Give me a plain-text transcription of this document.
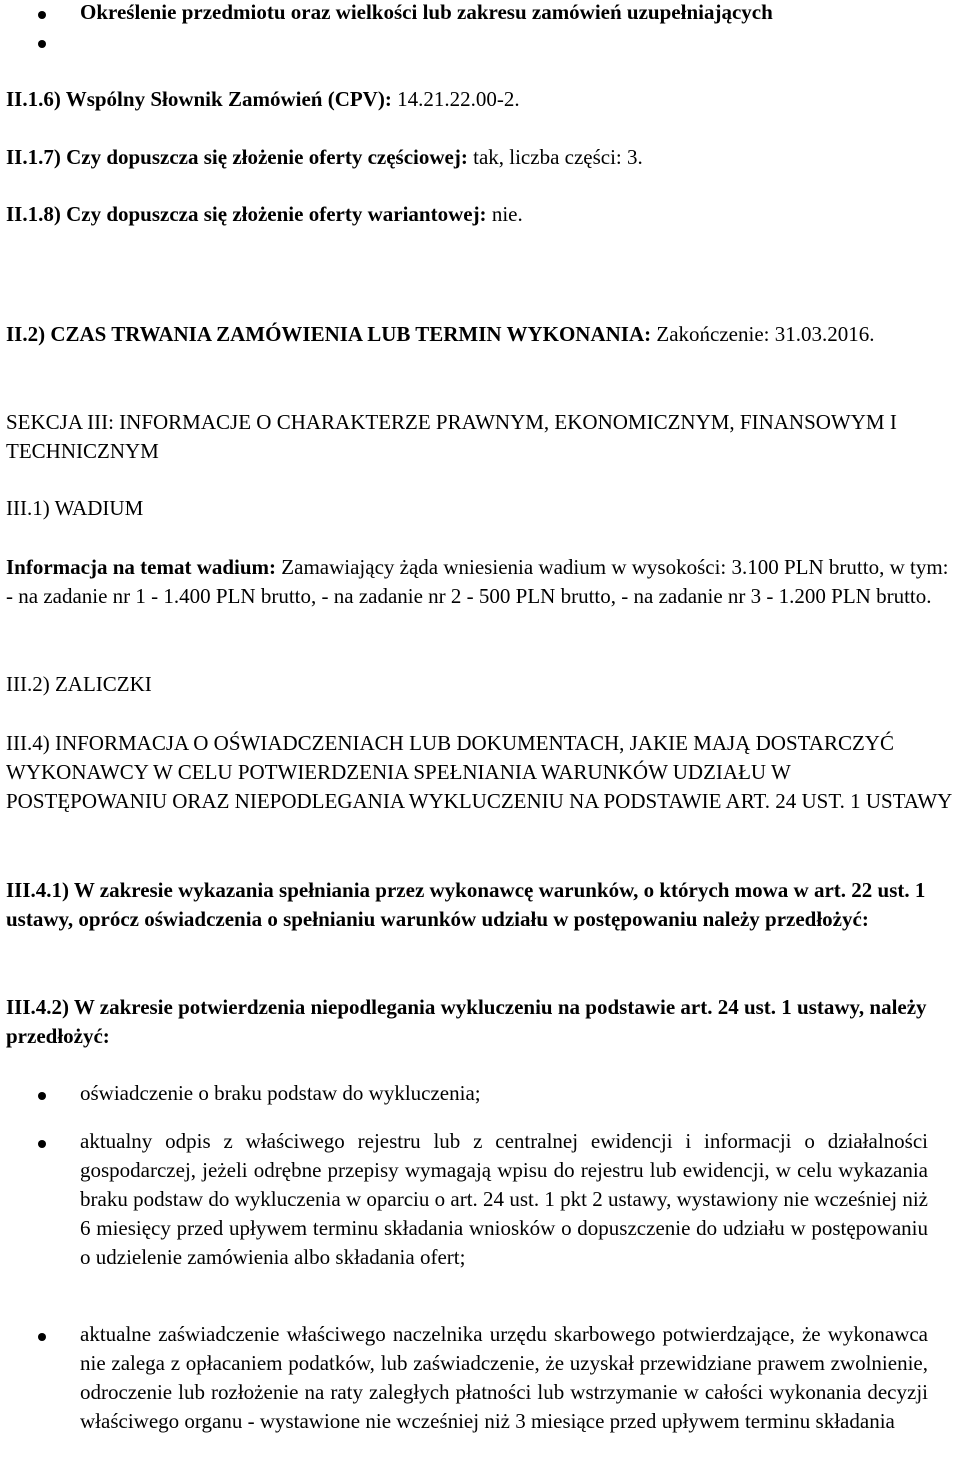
Określenie przedmiotu oraz wielkości lub zakresu zamówień uzupełniających

II.1.6) Wspólny Słownik Zamówień (CPV): 14.21.22.00-2.

II.1.7) Czy dopuszcza się złożenie oferty częściowej: tak, liczba części: 3.

II.1.8) Czy dopuszcza się złożenie oferty wariantowej: nie.

II.2) CZAS TRWANIA ZAMÓWIENIA LUB TERMIN WYKONANIA: Zakończenie: 31.03.2016.

SEKCJA III: INFORMACJE O CHARAKTERZE PRAWNYM, EKONOMICZNYM, FINANSOWYM I TECHNICZNYM

III.1) WADIUM

Informacja na temat wadium: Zamawiający żąda wniesienia wadium w wysokości: 3.100 PLN brutto, w tym: - na zadanie nr 1 - 1.400 PLN brutto, - na zadanie nr 2 - 500 PLN brutto, - na zadanie nr 3 - 1.200 PLN brutto.

III.2) ZALICZKI

III.4) INFORMACJA O OŚWIADCZENIACH LUB DOKUMENTACH, JAKIE MAJĄ DOSTARCZYĆ WYKONAWCY W CELU POTWIERDZENIA SPEŁNIANIA WARUNKÓW UDZIAŁU W POSTĘPOWANIU ORAZ NIEPODLEGANIA WYKLUCZENIU NA PODSTAWIE ART. 24 UST. 1 USTAWY

III.4.1) W zakresie wykazania spełniania przez wykonawcę warunków, o których mowa w art. 22 ust. 1 ustawy, oprócz oświadczenia o spełnianiu warunków udziału w postępowaniu należy przedłożyć:

III.4.2) W zakresie potwierdzenia niepodlegania wykluczeniu na podstawie art. 24 ust. 1 ustawy, należy przedłożyć:

oświadczenie o braku podstaw do wykluczenia;

aktualny odpis z właściwego rejestru lub z centralnej ewidencji i informacji o działalności gospodarczej, jeżeli odrębne przepisy wymagają wpisu do rejestru lub ewidencji, w celu wykazania braku podstaw do wykluczenia w oparciu o art. 24 ust. 1 pkt 2 ustawy, wystawiony nie wcześniej niż 6 miesięcy przed upływem terminu składania wniosków o dopuszczenie do udziału w postępowaniu o udzielenie zamówienia albo składania ofert;

aktualne zaświadczenie właściwego naczelnika urzędu skarbowego potwierdzające, że wykonawca nie zalega z opłacaniem podatków, lub zaświadczenie, że uzyskał przewidziane prawem zwolnienie, odroczenie lub rozłożenie na raty zaległych płatności lub wstrzymanie w całości wykonania decyzji właściwego organu - wystawione nie wcześniej niż 3 miesiące przed upływem terminu składania
